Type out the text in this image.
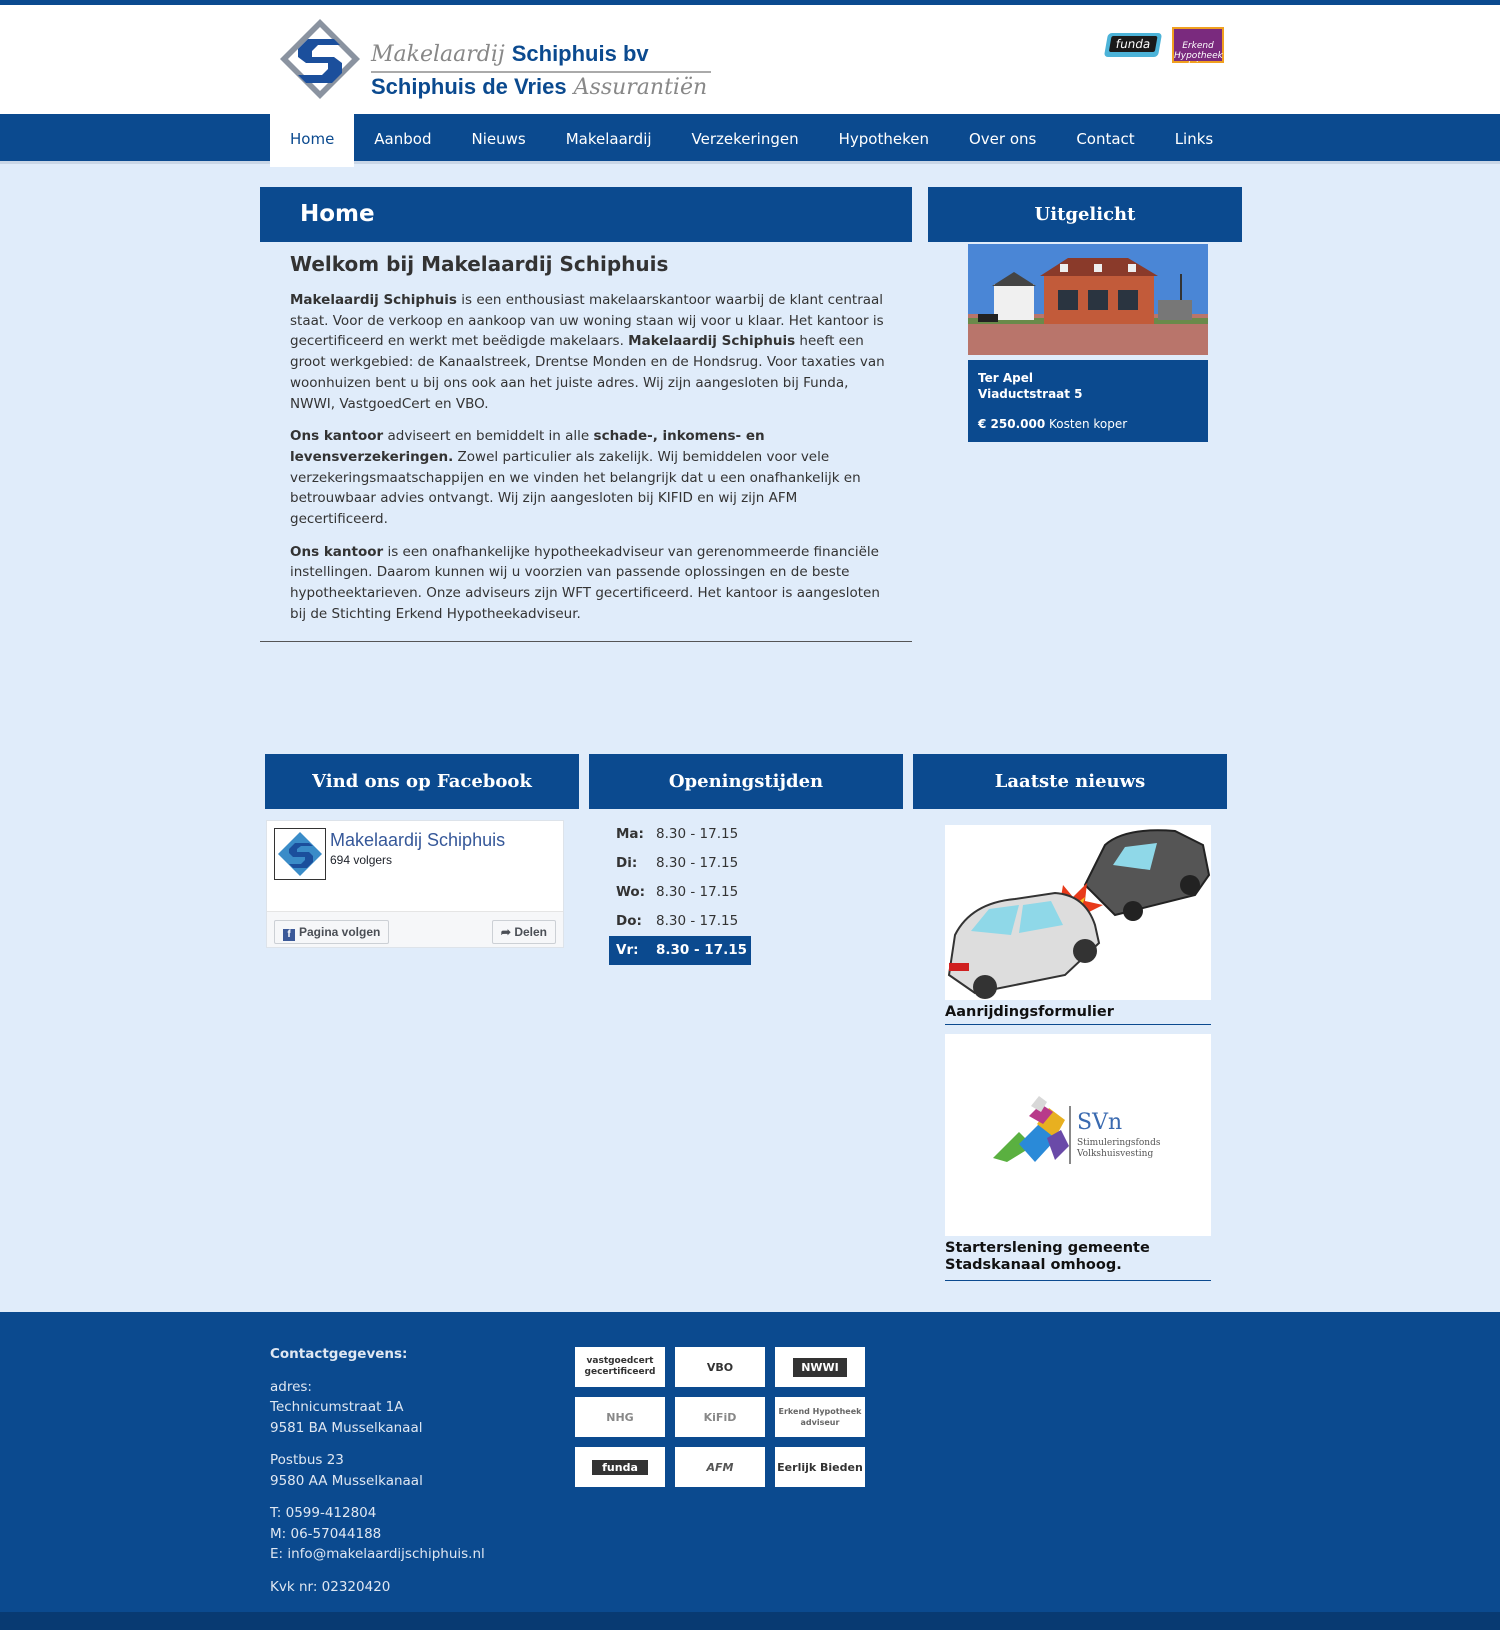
Makelaardij Schiphuis bv
Schiphuis de Vries Assurantiën
funda	Erkend Hypotheek adviseur
Home	Aanbod	Nieuws	Makelaardij	Verzekeringen	Hypotheken	Over ons	Contact	Links
Home
Welkom bij Makelaardij Schiphuis

Makelaardij Schiphuis is een enthousiast makelaarskantoor waarbij de klant centraal staat. Voor de verkoop en aankoop van uw woning staan wij voor u klaar. Het kantoor is gecertificeerd en werkt met beëdigde makelaars. Makelaardij Schiphuis heeft een groot werkgebied: de Kanaalstreek, Drentse Monden en de Hondsrug. Voor taxaties van woonhuizen bent u bij ons ook aan het juiste adres. Wij zijn aangesloten bij Funda, NWWI, VastgoedCert en VBO.

Ons kantoor adviseert en bemiddelt in alle schade-, inkomens- en levensverzekeringen. Zowel particulier als zakelijk. Wij bemiddelen voor vele verzekeringsmaatschappijen en we vinden het belangrijk dat u een onafhankelijk en betrouwbaar advies ontvangt. Wij zijn aangesloten bij KIFID en wij zijn AFM gecertificeerd.

Ons kantoor is een onafhankelijke hypotheekadviseur van gerenommeerde financiële instellingen. Daarom kunnen wij u voorzien van passende oplossingen en de beste hypotheektarieven. Onze adviseurs zijn WFT gecertificeerd. Het kantoor is aangesloten bij de Stichting Erkend Hypotheekadviseur.

Uitgelicht
Ter Apel
Viaductstraat 5
€ 250.000 Kosten koper
Vind ons op Facebook
Makelaardij Schiphuis
694 volgers
f Pagina volgen	➦ Delen
Openingstijden
Ma: 8.30 - 17.15
Di: 8.30 - 17.15
Wo: 8.30 - 17.15
Do: 8.30 - 17.15
Vr: 8.30 - 17.15
Laatste nieuws
Aanrijdingsformulier
SVn
Stimuleringsfonds
Volkshuisvesting
Starterslening gemeente Stadskanaal omhoog.
Contactgegevens:
adres:
Technicumstraat 1A
9581 BA Musselkanaal
Postbus 23
9580 AA Musselkanaal
T: 0599-412804
M: 06-57044188
E: info@makelaardijschiphuis.nl
Kvk nr: 02320420
vastgoedcert gecertificeerd	VBO	NWWI
NHG	KiFiD	Erkend Hypotheek adviseur
funda	AFM	Eerlijk Bieden
